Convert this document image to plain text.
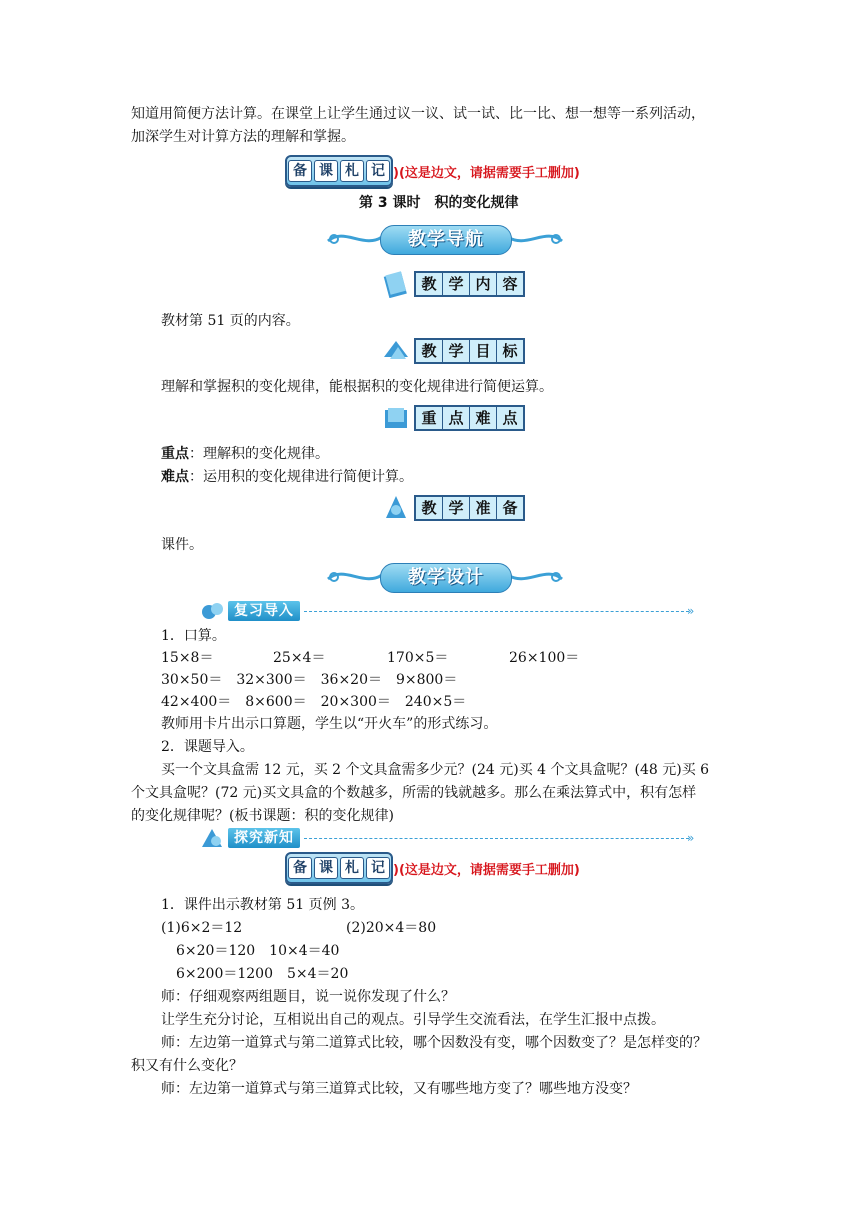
知道用简便方法计算。在课堂上让学生通过议一议、试一试、比一比、想一想等一系列活动，
加深学生对计算方法的理解和掌握。
备 课 札 记 )(这是边文，请据需要手工删加)
第 3 课时　积的变化规律
教学导航
教 学 内 容
教材第 51 页的内容。
教 学 目 标
理解和掌握积的变化规律，能根据积的变化规律进行简便运算。
重 点 难 点
重点：理解积的变化规律。
难点：运用积的变化规律进行简便计算。
教 学 准 备
课件。
教学设计
复习导入	»
1．口算。
15×8＝	25×4＝	170×5＝	26×100＝
30×50＝　32×300＝　36×20＝　9×800＝
42×400＝　8×600＝　20×300＝　240×5＝
教师用卡片出示口算题，学生以“开火车”的形式练习。
2．课题导入。
买一个文具盒需 12 元，买 2 个文具盒需多少元？(24 元)买 4 个文具盒呢？(48 元)买 6
个文具盒呢？(72 元)买文具盒的个数越多，所需的钱就越多。那么在乘法算式中，积有怎样
的变化规律呢？(板书课题：积的变化规律)
探究新知	»
备 课 札 记 )(这是边文，请据需要手工删加)
1．课件出示教材第 51 页例 3。
(1)6×2＝12	(2)20×4＝80
6×20＝120　10×4＝40
6×200＝1200　5×4＝20
师：仔细观察两组题目，说一说你发现了什么？
让学生充分讨论，互相说出自己的观点。引导学生交流看法，在学生汇报中点拨。
师：左边第一道算式与第二道算式比较，哪个因数没有变，哪个因数变了？是怎样变的？
积又有什么变化？
师：左边第一道算式与第三道算式比较，又有哪些地方变了？哪些地方没变？
